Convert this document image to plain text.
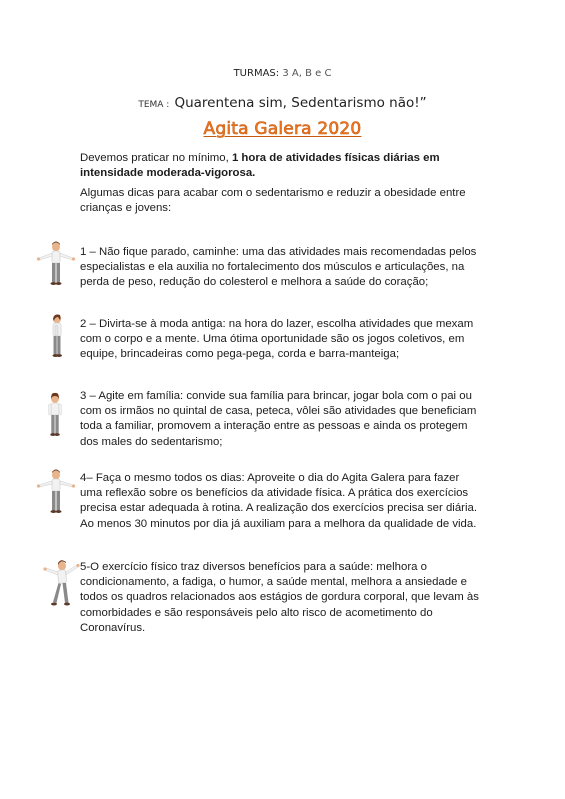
TURMAS: 3 A, B e C
TEMA : Quarentena sim, Sedentarismo não!”
Agita Galera 2020
Devemos praticar no mínimo, 1 hora de atividades físicas diárias em intensidade moderada-vigorosa.
Algumas dicas para acabar com o sedentarismo e reduzir a obesidade entre crianças e jovens:
1 – Não fique parado, caminhe: uma das atividades mais recomendadas pelos especialistas e ela auxilia no fortalecimento dos músculos e articulações, na perda de peso, redução do colesterol e melhora a saúde do coração;
2 – Divirta-se à moda antiga: na hora do lazer, escolha atividades que mexam com o corpo e a mente. Uma ótima oportunidade são os jogos coletivos, em equipe, brincadeiras como pega-pega, corda e barra-manteiga;
3 – Agite em família: convide sua família para brincar, jogar bola com o pai ou com os irmãos no quintal de casa, peteca, vôlei são atividades que beneficiam toda a familiar, promovem a interação entre as pessoas e ainda os protegem dos males do sedentarismo;
4– Faça o mesmo todos os dias: Aproveite o dia do Agita Galera para fazer uma reflexão sobre os benefícios da atividade física. A prática dos exercícios precisa estar adequada à rotina. A realização dos exercícios precisa ser diária. Ao menos 30 minutos por dia já auxiliam para a melhora da qualidade de vida.
5-O exercício físico traz diversos benefícios para a saúde: melhora o condicionamento, a fadiga, o humor, a saúde mental, melhora a ansiedade e todos os quadros relacionados aos estágios de gordura corporal, que levam às comorbidades e são responsáveis pelo alto risco de acometimento do Coronavírus.
